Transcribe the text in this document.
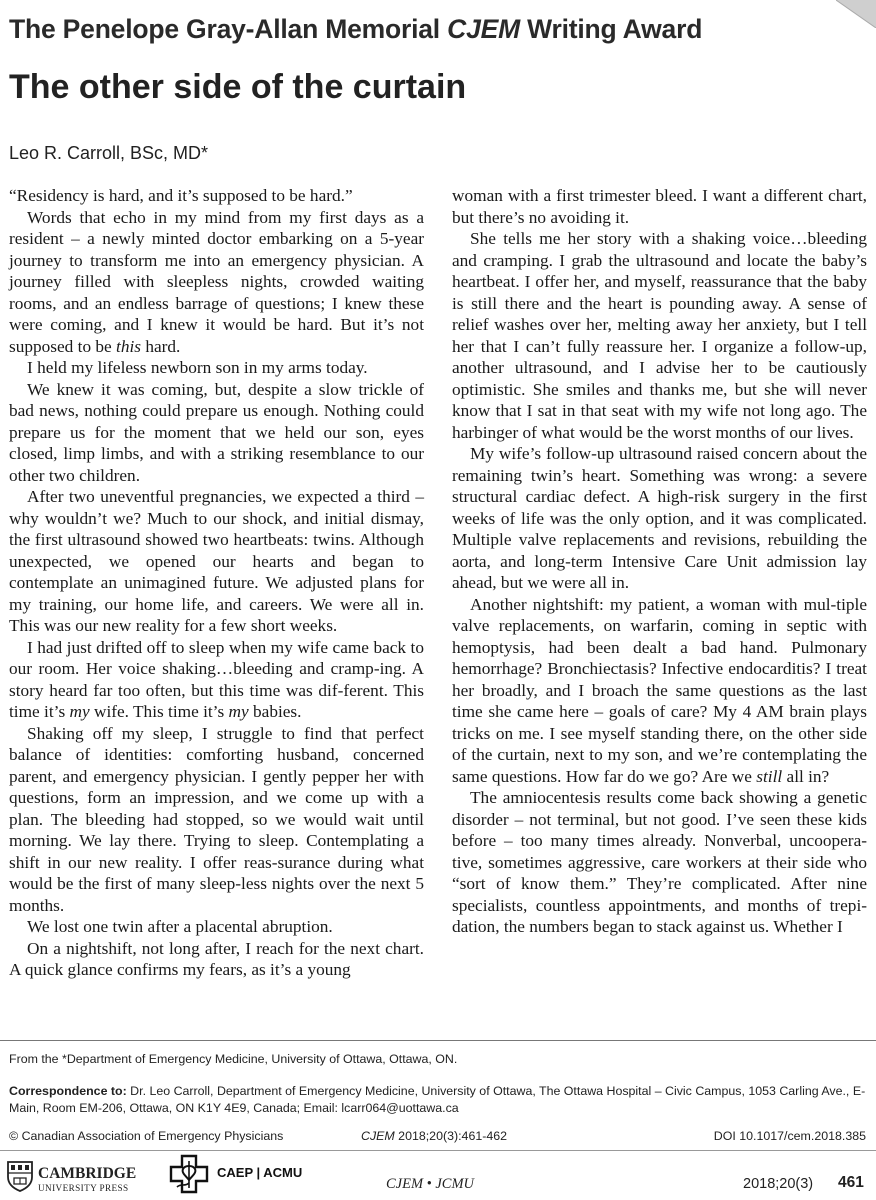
The Penelope Gray-Allan Memorial CJEM Writing Award
The other side of the curtain
Leo R. Carroll, BSc, MD*

“Residency is hard, and it’s supposed to be hard.”

Words that echo in my mind from my first days as a resident – a newly minted doctor embarking on a 5-year journey to transform me into an emergency physician. A journey filled with sleepless nights, crowded waiting rooms, and an endless barrage of questions; I knew these were coming, and I knew it would be hard. But it’s not supposed to be this hard.

I held my lifeless newborn son in my arms today.

We knew it was coming, but, despite a slow trickle of bad news, nothing could prepare us enough. Nothing could prepare us for the moment that we held our son, eyes closed, limp limbs, and with a striking resemblance to our other two children.

After two uneventful pregnancies, we expected a third – why wouldn’t we? Much to our shock, and initial dismay, the first ultrasound showed two heartbeats: twins. Although unexpected, we opened our hearts and began to contemplate an unimagined future. We adjusted plans for my training, our home life, and careers. We were all in. This was our new reality for a few short weeks.

I had just drifted off to sleep when my wife came back to our room. Her voice shaking…bleeding and cramp-ing. A story heard far too often, but this time was dif-ferent. This time it’s my wife. This time it’s my babies.

Shaking off my sleep, I struggle to find that perfect balance of identities: comforting husband, concerned parent, and emergency physician. I gently pepper her with questions, form an impression, and we come up with a plan. The bleeding had stopped, so we would wait until morning. We lay there. Trying to sleep. Contemplating a shift in our new reality. I offer reas-surance during what would be the first of many sleep-less nights over the next 5 months.

We lost one twin after a placental abruption.

On a nightshift, not long after, I reach for the next chart. A quick glance confirms my fears, as it’s a young

woman with a first trimester bleed. I want a different chart, but there’s no avoiding it.

She tells me her story with a shaking voice…bleeding and cramping. I grab the ultrasound and locate the baby’s heartbeat. I offer her, and myself, reassurance that the baby is still there and the heart is pounding away. A sense of relief washes over her, melting away her anxiety, but I tell her that I can’t fully reassure her. I organize a follow-up, another ultrasound, and I advise her to be cautiously optimistic. She smiles and thanks me, but she will never know that I sat in that seat with my wife not long ago. The harbinger of what would be the worst months of our lives.

My wife’s follow-up ultrasound raised concern about the remaining twin’s heart. Something was wrong: a severe structural cardiac defect. A high-risk surgery in the first weeks of life was the only option, and it was complicated. Multiple valve replacements and revisions, rebuilding the aorta, and long-term Intensive Care Unit admission lay ahead, but we were all in.

Another nightshift: my patient, a woman with mul-tiple valve replacements, on warfarin, coming in septic with hemoptysis, had been dealt a bad hand. Pulmonary hemorrhage? Bronchiectasis? Infective endocarditis? I treat her broadly, and I broach the same questions as the last time she came here – goals of care? My 4 AM brain plays tricks on me. I see myself standing there, on the other side of the curtain, next to my son, and we’re contemplating the same questions. How far do we go? Are we still all in?

The amniocentesis results come back showing a genetic disorder – not terminal, but not good. I’ve seen these kids before – too many times already. Nonverbal, uncoopera-tive, sometimes aggressive, care workers at their side who “sort of know them.” They’re complicated. After nine specialists, countless appointments, and months of trepi-dation, the numbers began to stack against us. Whether I

From the *Department of Emergency Medicine, University of Ottawa, Ottawa, ON.
Correspondence to: Dr. Leo Carroll, Department of Emergency Medicine, University of Ottawa, The Ottawa Hospital – Civic Campus, 1053 Carling Ave., E-Main, Room EM-206, Ottawa, ON K1Y 4E9, Canada; Email: lcarr064@uottawa.ca
© Canadian Association of Emergency Physicians	CJEM 2018;20(3):461-462	DOI 10.1017/cem.2018.385
CAMBRIDGE
UNIVERSITY PRESS
CAEP | ACMU
CJEM • JCMU	2018;20(3) 461
